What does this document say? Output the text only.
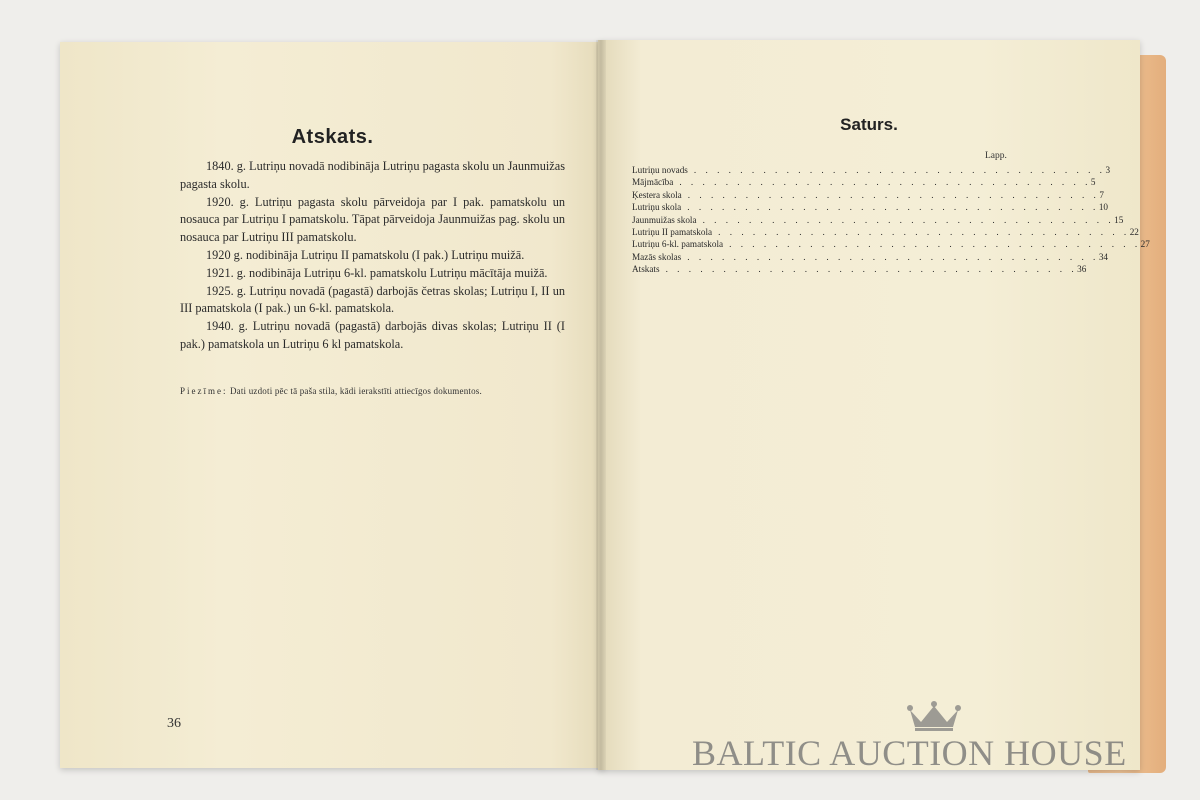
Atskats.

1840. g. Lutriņu novadā nodibināja Lutriņu pagasta skolu un Jaunmuižas pagasta skolu.

1920. g. Lutriņu pagasta skolu pārveidoja par I pak. pamatskolu un nosauca par Lutriņu I pamatskolu. Tāpat pārveidoja Jaunmuižas pag. skolu un nosauca par Lutriņu III pamatskolu.

1920 g. nodibināja Lutriņu II pamatskolu (I pak.) Lutriņu muižā.

1921. g. nodibināja Lutriņu 6-kl. pamatskolu Lutriņu mācītāja muižā.

1925. g. Lutriņu novadā (pagastā) darbojās četras skolas; Lutriņu I, II un III pamatskola (I pak.) un 6-kl. pamatskola.

1940. g. Lutriņu novadā (pagastā) darbojās divas skolas; Lutriņu II (I pak.) pamatskola un Lutriņu 6 kl pamatskola.

Piezīme: Dati uzdoti pēc tā paša stila, kādi ierakstīti attiecīgos dokumentos.
36
Saturs.
Lapp.
Lutriņu novads . . . . . . . . . . . . . . . . . . . . . . . . . . . . . . . . . . . . 3
Mājmācība . . . . . . . . . . . . . . . . . . . . . . . . . . . . . . . . . . . . 5
Ķestera skola . . . . . . . . . . . . . . . . . . . . . . . . . . . . . . . . . . . . 7
Lutriņu skola . . . . . . . . . . . . . . . . . . . . . . . . . . . . . . . . . . . . 10
Jaunmuižas skola . . . . . . . . . . . . . . . . . . . . . . . . . . . . . . . . . . . . 15
Lutriņu II pamatskola . . . . . . . . . . . . . . . . . . . . . . . . . . . . . . . . . . . . 22
Lutriņu 6-kl. pamatskola . . . . . . . . . . . . . . . . . . . . . . . . . . . . . . . . . . . . 27
Mazās skolas . . . . . . . . . . . . . . . . . . . . . . . . . . . . . . . . . . . . 34
Atskats . . . . . . . . . . . . . . . . . . . . . . . . . . . . . . . . . . . . 36
BALTIC AUCTION HOUSE
